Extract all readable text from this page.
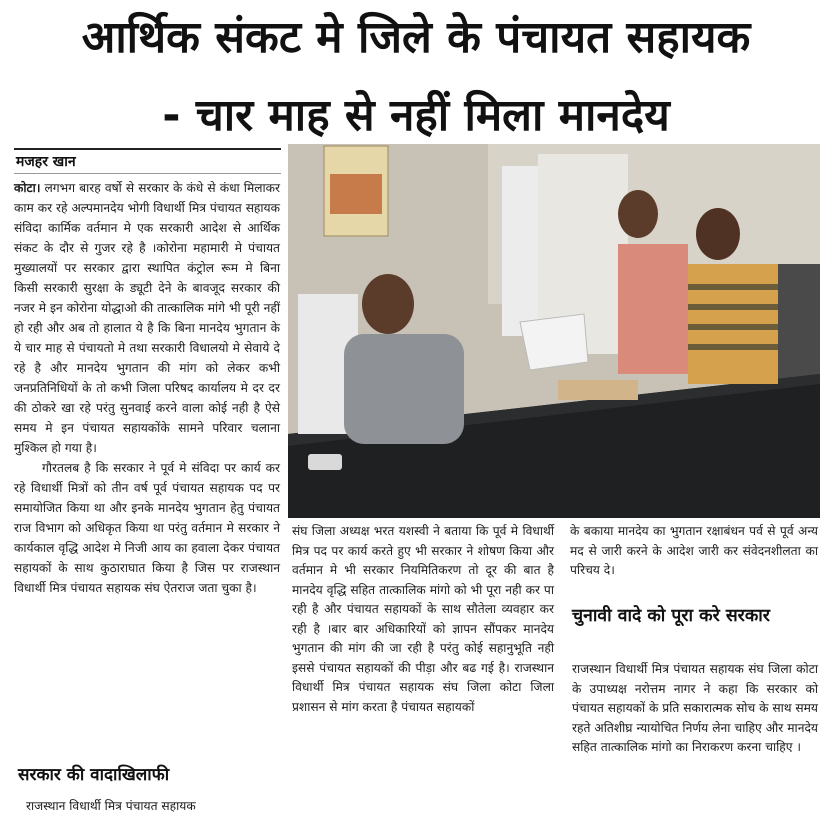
आर्थिक संकट मे जिले के पंचायत सहायक
- चार माह से नहीं मिला मानदेय
मजहर खान

कोटा। लगभग बारह वर्षो से सरकार के कंधे से कंधा मिलाकर काम कर रहे अल्पमानदेय भोगी विधार्थी मित्र पंचायत सहायक संविदा कार्मिक वर्तमान मे एक सरकारी आदेश से आर्थिक संकट के दौर से गुजर रहे है ।कोरोना महामारी मे पंचायत मुख्यालयों पर सरकार द्वारा स्थापित कंट्रोल रूम मे बिना किसी सरकारी सुरक्षा के ड्यूटी देने के बावजूद सरकार की नजर मे इन कोरोना योद्धाओ की तात्कालिक मांगे भी पूरी नहीं हो रही और अब तो हालात ये है कि बिना मानदेय भुगतान के ये चार माह से पंचायतो मे तथा सरकारी विधालयो मे सेवाये दे रहे है और मानदेय भुगतान की मांग को लेकर कभी जनप्रतिनिधियों के तो कभी जिला परिषद कार्यालय मे दर दर की ठोकरे खा रहे परंतु सुनवाई करने वाला कोई नही है ऐसे समय मे इन पंचायत सहायकोंके सामने परिवार चलाना मुश्किल हो गया है।

गौरतलब है कि सरकार ने पूर्व मे संविदा पर कार्य कर रहे विधार्थी मित्रों को तीन वर्ष पूर्व पंचायत सहायक पद पर समायोजित किया था और इनके मानदेय भुगतान हेतु पंचायत राज विभाग को अधिकृत किया था परंतु वर्तमान मे सरकार ने कार्यकाल वृद्धि आदेश मे निजी आय का हवाला देकर पंचायत सहायकों के साथ कुठाराघात किया है जिस पर राजस्थान विधार्थी मित्र पंचायत सहायक संघ ऐतराज जता चुका है।

सरकार की वादाखिलाफी
राजस्थान विधार्थी मित्र पंचायत सहायक

संघ जिला अध्यक्ष भरत यशस्वी ने बताया कि पूर्व मे विधार्थी मित्र पद पर कार्य करते हुए भी सरकार ने शोषण किया और वर्तमान मे भी सरकार नियमितिकरण तो दूर की बात है मानदेय वृद्धि सहित तात्कालिक मांगो को भी पूरा नही कर पा रही है और पंचायत सहायकों के साथ सौतेला व्यवहार कर रही है ।बार बार अधिकारियों को ज्ञापन सौंपकर मानदेय भुगतान की मांग की जा रही है परंतु कोई सहानुभूति नही इससे पंचायत सहायकों की पीड़ा और बढ गई है। राजस्थान विधार्थी मित्र पंचायत सहायक संघ जिला कोटा जिला प्रशासन से मांग करता है पंचायत सहायकों

के बकाया मानदेय का भुगतान रक्षाबंधन पर्व से पूर्व अन्य मद से जारी करने के आदेश जारी कर संवेदनशीलता का परिचय दे।

चुनावी वादे को पूरा करे सरकार
राजस्थान विधार्थी मित्र पंचायत सहायक संघ जिला कोटा के उपाध्यक्ष नरोत्तम नागर ने कहा कि सरकार को पंचायत सहायकों के प्रति सकारात्मक सोच के साथ समय रहते अतिशीघ्र न्यायोचित निर्णय लेना चाहिए और मानदेय सहित तात्कालिक मांगो का निराकरण करना चाहिए ।
